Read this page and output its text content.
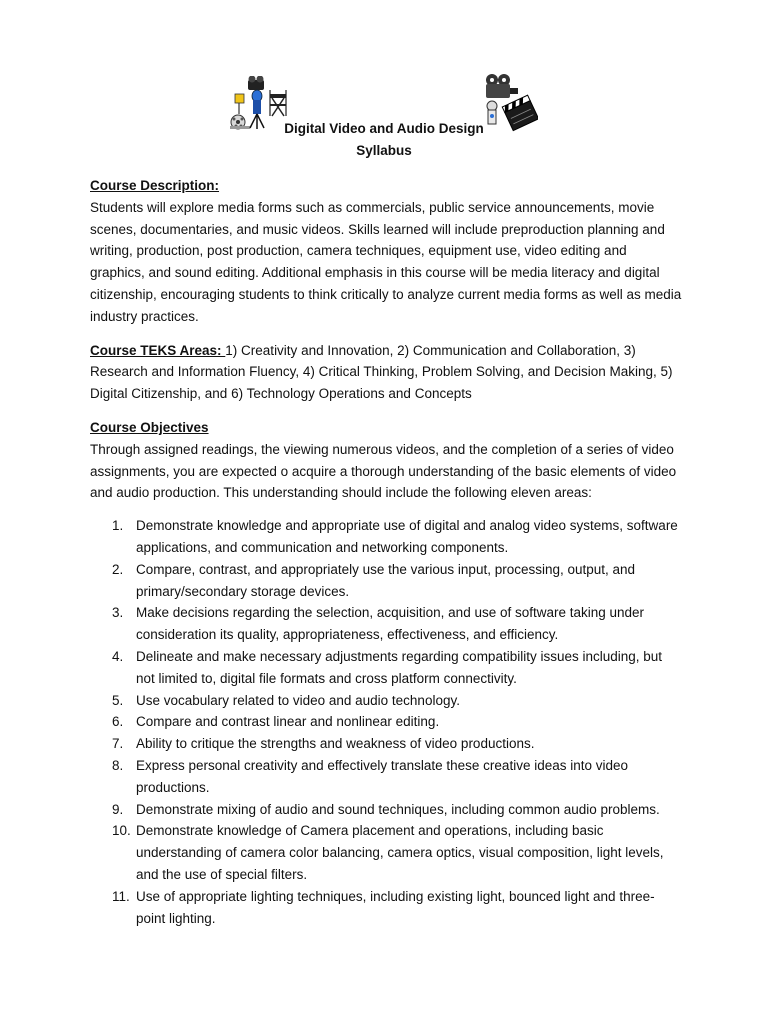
Digital Video and Audio Design
Syllabus
Course Description:

Students will explore media forms such as commercials, public service announcements, movie scenes, documentaries, and music videos. Skills learned will include preproduction planning and writing, production, post production, camera techniques, equipment use, video editing and graphics, and sound editing. Additional emphasis in this course will be media literacy and digital citizenship, encouraging students to think critically to analyze current media forms as well as media industry practices.

Course TEKS Areas: 1) Creativity and Innovation, 2) Communication and Collaboration, 3) Research and Information Fluency, 4) Critical Thinking, Problem Solving, and Decision Making, 5) Digital Citizenship, and 6) Technology Operations and Concepts

Course Objectives

Through assigned readings, the viewing numerous videos, and the completion of a series of video assignments, you are expected o acquire a thorough understanding of the basic elements of video and audio production. This understanding should include the following eleven areas:

1. Demonstrate knowledge and appropriate use of digital and analog video systems, software applications, and communication and networking components.
2. Compare, contrast, and appropriately use the various input, processing, output, and primary/secondary storage devices.
3. Make decisions regarding the selection, acquisition, and use of software taking under consideration its quality, appropriateness, effectiveness, and efficiency.
4. Delineate and make necessary adjustments regarding compatibility issues including, but not limited to, digital file formats and cross platform connectivity.
5. Use vocabulary related to video and audio technology.
6. Compare and contrast linear and nonlinear editing.
7. Ability to critique the strengths and weakness of video productions.
8. Express personal creativity and effectively translate these creative ideas into video productions.
9. Demonstrate mixing of audio and sound techniques, including common audio problems.
10. Demonstrate knowledge of Camera placement and operations, including basic understanding of camera color balancing, camera optics, visual composition, light levels, and the use of special filters.
11. Use of appropriate lighting techniques, including existing light, bounced light and three-point lighting.
